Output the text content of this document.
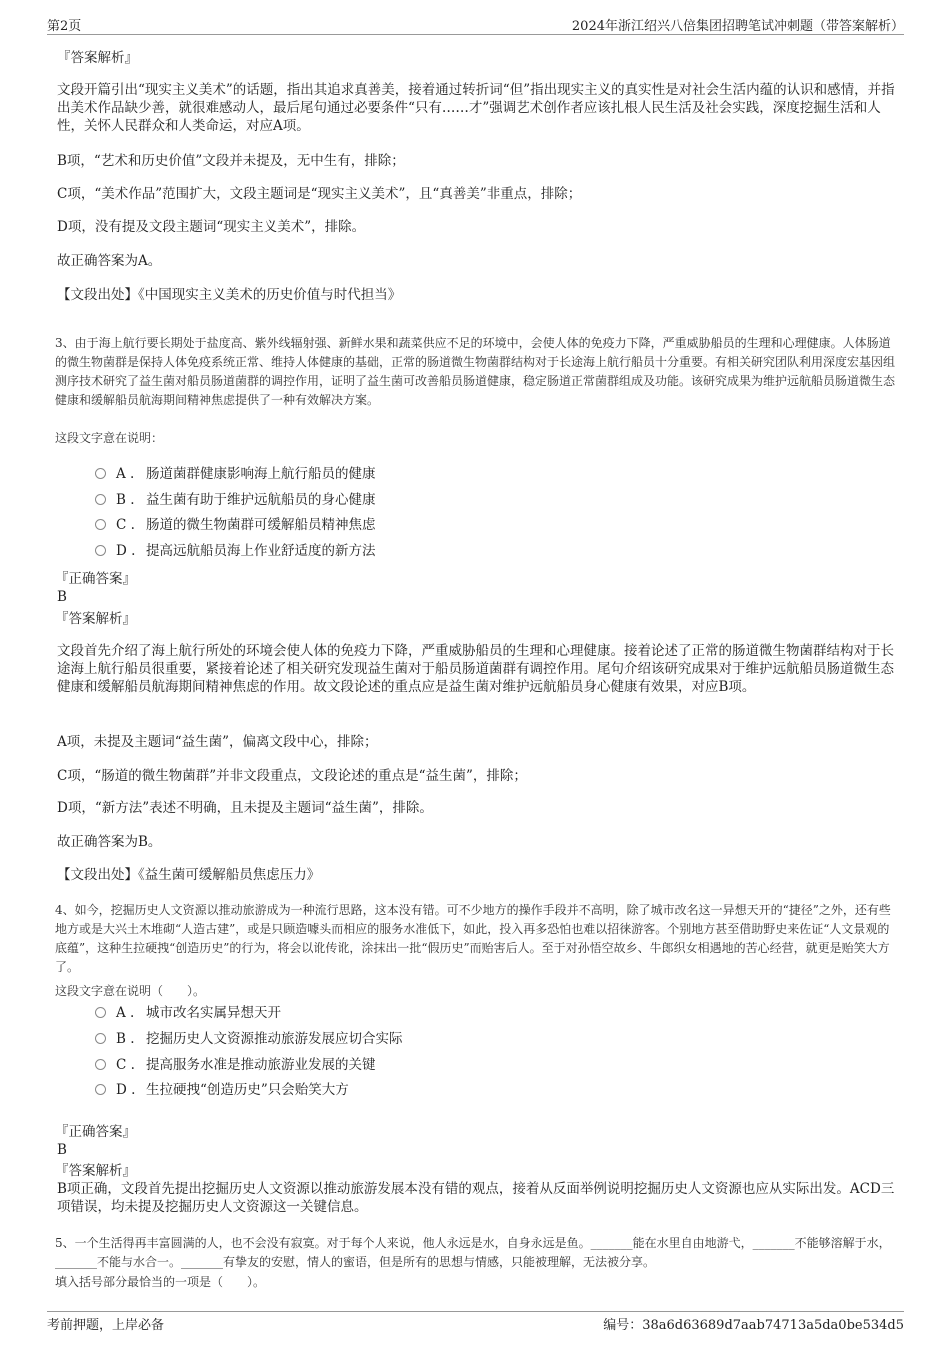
第2页	2024年浙江绍兴八倍集团招聘笔试冲刺题（带答案解析）

『答案解析』

文段开篇引出“现实主义美术”的话题，指出其追求真善美，接着通过转折词“但”指出现实主义的真实性是对社会生活内蕴的认识和感情，并指出美术作品缺少善，就很难感动人，最后尾句通过必要条件“只有……才”强调艺术创作者应该扎根人民生活及社会实践，深度挖掘生活和人性，关怀人民群众和人类命运，对应A项。

B项，“艺术和历史价值”文段并未提及，无中生有，排除；

C项，“美术作品”范围扩大，文段主题词是“现实主义美术”，且“真善美”非重点，排除；

D项，没有提及文段主题词“现实主义美术”，排除。

故正确答案为A。

【文段出处】《中国现实主义美术的历史价值与时代担当》

3、由于海上航行要长期处于盐度高、紫外线辐射强、新鲜水果和蔬菜供应不足的环境中，会使人体的免疫力下降，严重威胁船员的生理和心理健康。人体肠道的微生物菌群是保持人体免疫系统正常、维持人体健康的基础，正常的肠道微生物菌群结构对于长途海上航行船员十分重要。有相关研究团队利用深度宏基因组测序技术研究了益生菌对船员肠道菌群的调控作用，证明了益生菌可改善船员肠道健康，稳定肠道正常菌群组成及功能。该研究成果为维护远航船员肠道微生态健康和缓解船员航海期间精神焦虑提供了一种有效解决方案。

这段文字意在说明：

A . 肠道菌群健康影响海上航行船员的健康
B . 益生菌有助于维护远航船员的身心健康
C . 肠道的微生物菌群可缓解船员精神焦虑
D . 提高远航船员海上作业舒适度的新方法

『正确答案』

B

『答案解析』

文段首先介绍了海上航行所处的环境会使人体的免疫力下降，严重威胁船员的生理和心理健康。接着论述了正常的肠道微生物菌群结构对于长途海上航行船员很重要，紧接着论述了相关研究发现益生菌对于船员肠道菌群有调控作用。尾句介绍该研究成果对于维护远航船员肠道微生态健康和缓解船员航海期间精神焦虑的作用。故文段论述的重点应是益生菌对维护远航船员身心健康有效果，对应B项。

A项，未提及主题词“益生菌”，偏离文段中心，排除；

C项，“肠道的微生物菌群”并非文段重点，文段论述的重点是“益生菌”，排除；

D项，“新方法”表述不明确，且未提及主题词“益生菌”，排除。

故正确答案为B。

【文段出处】《益生菌可缓解船员焦虑压力》

4、如今，挖掘历史人文资源以推动旅游成为一种流行思路，这本没有错。可不少地方的操作手段并不高明，除了城市改名这一异想天开的“捷径”之外，还有些地方或是大兴土木堆砌“人造古建”，或是只顾造噱头而相应的服务水准低下，如此，投入再多恐怕也难以招徕游客。个别地方甚至借助野史来佐证“人文景观的底蕴”，这种生拉硬拽“创造历史”的行为，将会以讹传讹，涂抹出一批“假历史”而贻害后人。至于对孙悟空故乡、牛郎织女相遇地的苦心经营，就更是贻笑大方了。

这段文字意在说明（　　）。

A . 城市改名实属异想天开
B . 挖掘历史人文资源推动旅游发展应切合实际
C . 提高服务水准是推动旅游业发展的关键
D . 生拉硬拽“创造历史”只会贻笑大方

『正确答案』

B

『答案解析』

B项正确，文段首先提出挖掘历史人文资源以推动旅游发展本没有错的观点，接着从反面举例说明挖掘历史人文资源也应从实际出发。ACD三项错误，均未提及挖掘历史人文资源这一关键信息。

5、一个生活得再丰富圆满的人，也不会没有寂寞。对于每个人来说，他人永远是水，自身永远是鱼。_______能在水里自由地游弋，_______不能够溶解于水，_______不能与水合一。_______有挚友的安慰，情人的蜜语，但是所有的思想与情感，只能被理解，无法被分享。

填入括号部分最恰当的一项是（　　）。

考前押题，上岸必备	编号：38a6d63689d7aab74713a5da0be534d5
